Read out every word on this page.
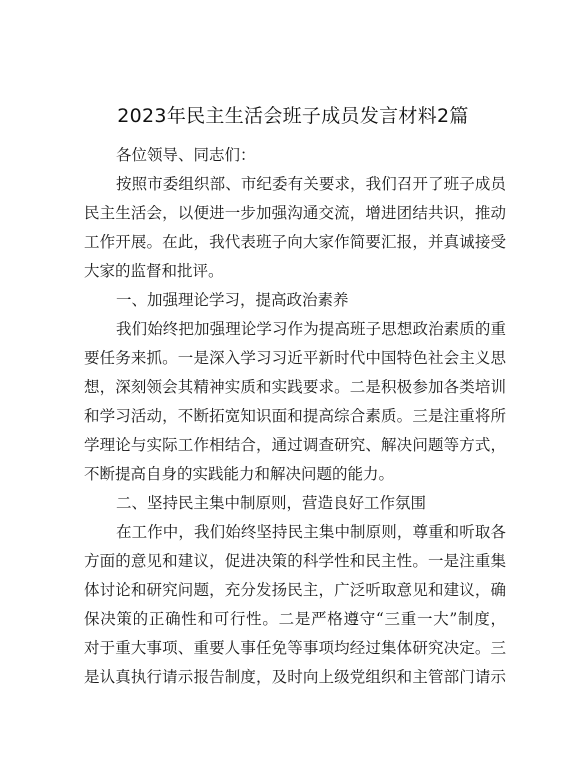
2023年民主生活会班子成员发言材料2篇
各位领导、同志们：
按照市委组织部、市纪委有关要求，我们召开了班子成员
民主生活会，以便进一步加强沟通交流，增进团结共识，推动
工作开展。在此，我代表班子向大家作简要汇报，并真诚接受
大家的监督和批评。
一、加强理论学习，提高政治素养
我们始终把加强理论学习作为提高班子思想政治素质的重
要任务来抓。一是深入学习习近平新时代中国特色社会主义思
想，深刻领会其精神实质和实践要求。二是积极参加各类培训
和学习活动，不断拓宽知识面和提高综合素质。三是注重将所
学理论与实际工作相结合，通过调查研究、解决问题等方式，
不断提高自身的实践能力和解决问题的能力。
二、坚持民主集中制原则，营造良好工作氛围
在工作中，我们始终坚持民主集中制原则，尊重和听取各
方面的意见和建议，促进决策的科学性和民主性。一是注重集
体讨论和研究问题，充分发扬民主，广泛听取意见和建议，确
保决策的正确性和可行性。二是严格遵守“三重一大”制度，
对于重大事项、重要人事任免等事项均经过集体研究决定。三
是认真执行请示报告制度，及时向上级党组织和主管部门请示
